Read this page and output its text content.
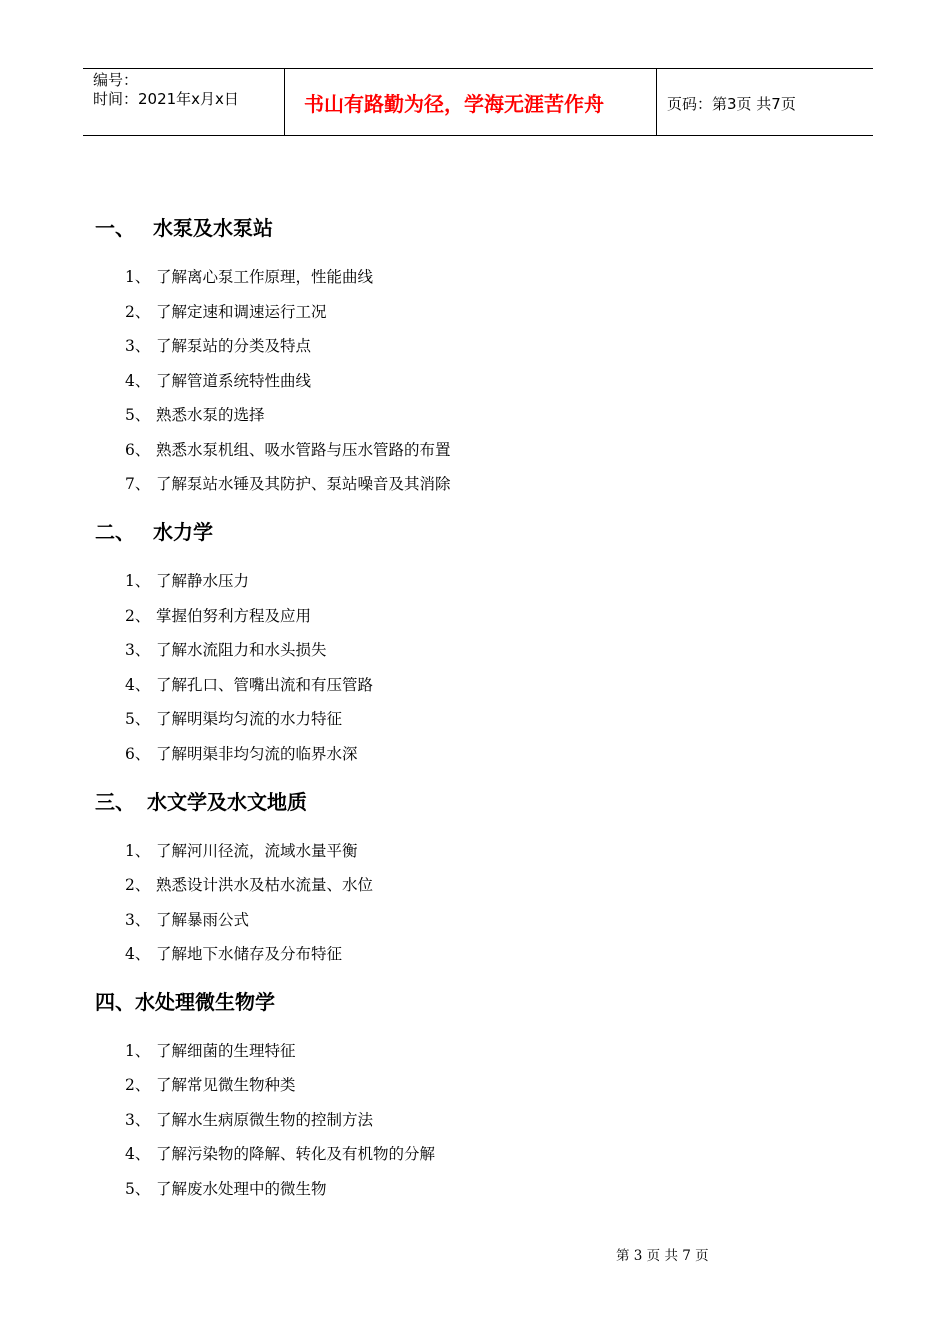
编号：
时间：2021年x月x日	书山有路勤为径，学海无涯苦作舟	页码：第3页 共7页
一、 水泵及水泵站
1、 了解离心泵工作原理，性能曲线
2、 了解定速和调速运行工况
3、 了解泵站的分类及特点
4、 了解管道系统特性曲线
5、 熟悉水泵的选择
6、 熟悉水泵机组、吸水管路与压水管路的布置
7、 了解泵站水锤及其防护、泵站噪音及其消除
二、 水力学
1、 了解静水压力
2、 掌握伯努利方程及应用
3、 了解水流阻力和水头损失
4、 了解孔口、管嘴出流和有压管路
5、 了解明渠均匀流的水力特征
6、 了解明渠非均匀流的临界水深
三、 水文学及水文地质
1、 了解河川径流，流域水量平衡
2、 熟悉设计洪水及枯水流量、水位
3、 了解暴雨公式
4、 了解地下水储存及分布特征
四、水处理微生物学
1、 了解细菌的生理特征
2、 了解常见微生物种类
3、 了解水生病原微生物的控制方法
4、 了解污染物的降解、转化及有机物的分解
5、 了解废水处理中的微生物
第 3 页 共 7 页
